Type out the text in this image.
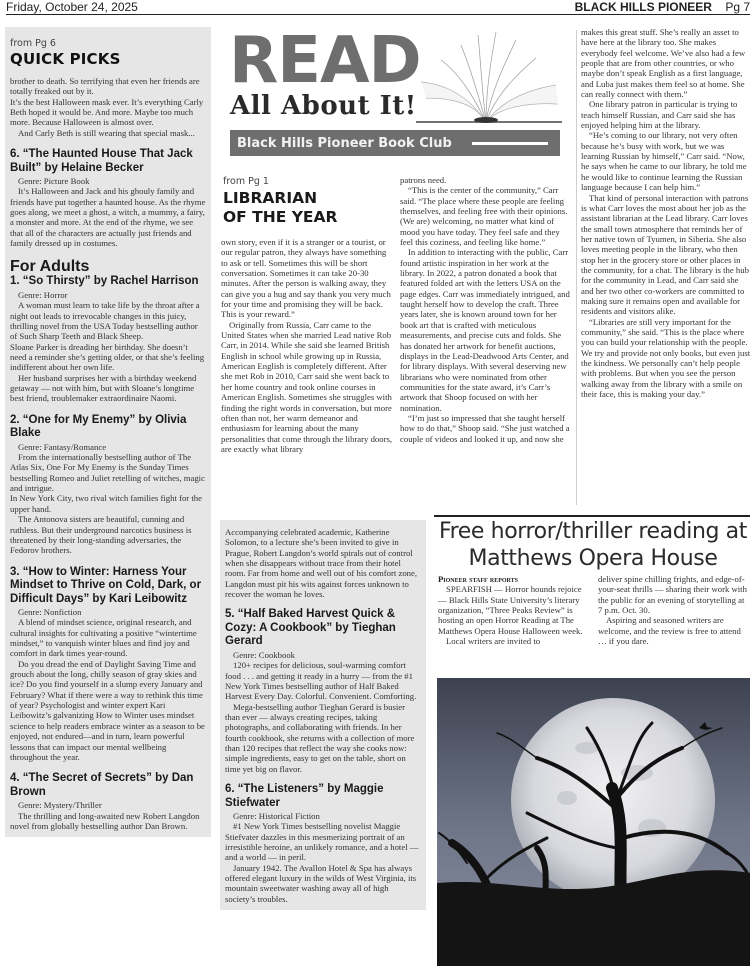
Friday, October 24, 2025	BLACK HILLS PIONEER Pg 7
from Pg 6
QUICK PICKS

brother to death. So terrifying that even her friends are totally freaked out by it.

It’s the best Halloween mask ever. It’s everything Carly Beth hoped it would be. And more. Maybe too much more. Because Halloween is almost over.

And Carly Beth is still wearing that special mask...

6. “The Haunted House That Jack Built” by Helaine Becker

Genre: Picture Book

It’s Halloween and Jack and his ghouly family and friends have put together a haunted house. As the rhyme goes along, we meet a ghost, a witch, a mummy, a fairy, a monster and more. At the end of the rhyme, we see that all of the characters are actually just friends and family dressed up in costumes.

For Adults
1. “So Thirsty” by Rachel Harrison

Genre: Horror

A woman must learn to take life by the throat after a night out leads to irrevocable changes in this juicy, thrilling novel from the USA Today bestselling author of Such Sharp Teeth and Black Sheep.

Sloane Parker is dreading her birthday. She doesn’t need a reminder she’s getting older, or that she’s feeling indifferent about her own life.

Her husband surprises her with a birthday weekend getaway — not with him, but with Sloane’s longtime best friend, troublemaker extraordinaire Naomi.

2. “One for My Enemy” by Olivia Blake

Genre: Fantasy/Romance

From the internationally bestselling author of The Atlas Six, One For My Enemy is the Sunday Times bestselling Romeo and Juliet retelling of witches, magic and intrigue.

In New York City, two rival witch families fight for the upper hand.

The Antonova sisters are beautiful, cunning and ruthless. But their underground narcotics business is threatened by their long-standing adversaries, the Fedorov brothers.

3. “How to Winter: Harness Your Mindset to Thrive on Cold, Dark, or Difficult Days” by Kari Leibowitz

Genre: Nonfiction

A blend of mindset science, original research, and cultural insights for cultivating a positive “wintertime mindset,” to vanquish winter blues and find joy and comfort in dark times year-round.

Do you dread the end of Daylight Saving Time and grouch about the long, chilly season of gray skies and ice? Do you find yourself in a slump every January and February? What if there were a way to rethink this time of year? Psychologist and winter expert Kari Leibowitz’s galvanizing How to Winter uses mindset science to help readers embrace winter as a season to be enjoyed, not endured—and in turn, learn powerful lessons that can impact our mental wellbeing throughout the year.

4. “The Secret of Secrets” by Dan Brown

Genre: Mystery/Thriller

The thrilling and long-awaited new Robert Langdon novel from globally bestselling author Dan Brown.

READ
All About It!
Black Hills Pioneer Book Club
from Pg 1
LIBRARIAN
OF THE YEAR

own story, even if it is a stranger or a tourist, or our regular patron, they always have something to ask or tell. Sometimes this will be short conversation. Sometimes it can take 20-30 minutes. After the person is walking away, they can give you a hug and say thank you very much for your time and promising they will be back. This is your reward.”

Originally from Russia, Carr came to the United States when she married Lead native Rob Carr, in 2014. While she said she learned British English in school while growing up in Russia, American English is completely different. After she met Rob in 2010, Carr said she went back to her home country and took online courses in American English. Sometimes she struggles with finding the right words in conversation, but more often than not, her warm demeanor and enthusiasm for learning about the many personalities that come through the library doors, are exactly what library

patrons need.

“This is the center of the community,” Carr said. “The place where these people are feeling themselves, and feeling free with their opinions. (We are) welcoming, no matter what kind of mood you have today. They feel safe and they feel this coziness, and feeling like home.”

In addition to interacting with the public, Carr found artistic inspiration in her work at the library. In 2022, a patron donated a book that featured folded art with the letters USA on the page edges. Carr was immediately intrigued, and taught herself how to develop the craft. Three years later, she is known around town for her book art that is crafted with meticulous measurements, and precise cuts and folds. She has donated her artwork for benefit auctions, displays in the Lead-Deadwood Arts Center, and for library displays. With several deserving new librarians who were nominated from other communities for the state award, it’s Carr’s artwork that Shoop focused on with her nomination.

“I’m just so impressed that she taught herself how to do that,” Shoop said. “She just watched a couple of videos and looked it up, and now she

makes this great stuff. She’s really an asset to have here at the library too. She makes everybody feel welcome. We’ve also had a few people that are from other countries, or who maybe don’t speak English as a first language, and Luba just makes them feel so at home. She can really connect with them.”

One library patron in particular is trying to teach himself Russian, and Carr said she has enjoyed helping him at the library.

“He’s coming to our library, not very often because he’s busy with work, but we was learning Russian by himself,” Carr said. “Now, he says when he came to our library, he told me he would like to continue learning the Russian language because I can help him.”

That kind of personal interaction with patrons is what Carr loves the most about her job as the assistant librarian at the Lead library. Carr loves the small town atmosphere that reminds her of her native town of Tyumen, in Siberia. She also loves meeting people in the library, who then stop her in the grocery store or other places in the community, for a chat. The library is the hub for the community in Lead, and Carr said she and her two other co-workers are committed to making sure it remains open and available for residents and visitors alike.

“Libraries are still very important for the community,” she said. “This is the place where you can build your relationship with the people. We try and provide not only books, but even just the kindness. We personally can’t help people with problems. But when you see the person walking away from the library with a smile on their face, this is making your day.”

Accompanying celebrated academic, Katherine Solomon, to a lecture she’s been invited to give in Prague, Robert Langdon’s world spirals out of control when she disappears without trace from their hotel room. Far from home and well out of his comfort zone, Langdon must pit his wits against forces unknown to recover the woman he loves.

5. “Half Baked Harvest Quick & Cozy: A Cookbook” by Tieghan Gerard

Genre: Cookbook

120+ recipes for delicious, soul-warming comfort food . . . and getting it ready in a hurry — from the #1 New York Times bestselling author of Half Baked Harvest Every Day. Colorful. Convenient. Comforting.

Mega-bestselling author Tieghan Gerard is busier than ever — always creating recipes, taking photographs, and collaborating with friends. In her fourth cookbook, she returns with a collection of more than 120 recipes that reflect the way she cooks now: simple ingredients, easy to get on the table, short on time yet big on flavor.

6. “The Listeners” by Maggie Stiefwater

Genre: Historical Fiction

#1 New York Times bestselling novelist Maggie Stiefvater dazzles in this mesmerizing portrait of an irresistible heroine, an unlikely romance, and a hotel — and a world — in peril.

January 1942. The Avallon Hotel & Spa has always offered elegant luxury in the wilds of West Virginia, its mountain sweetwater washing away all of high society’s troubles.

Free horror/thriller reading at Matthews Opera House
Pioneer staff reports

SPEARFISH — Horror hounds rejoice — Black Hills State University’s literary organization, “Three Peaks Review” is hosting an open Horror Reading at The Matthews Opera House Halloween week.

Local writers are invited to

deliver spine chilling frights, and edge-of-your-seat thrills — sharing their work with the public for an evening of storytelling at 7 p.m. Oct. 30.

Aspiring and seasoned writers are welcome, and the review is free to attend … if you dare.
